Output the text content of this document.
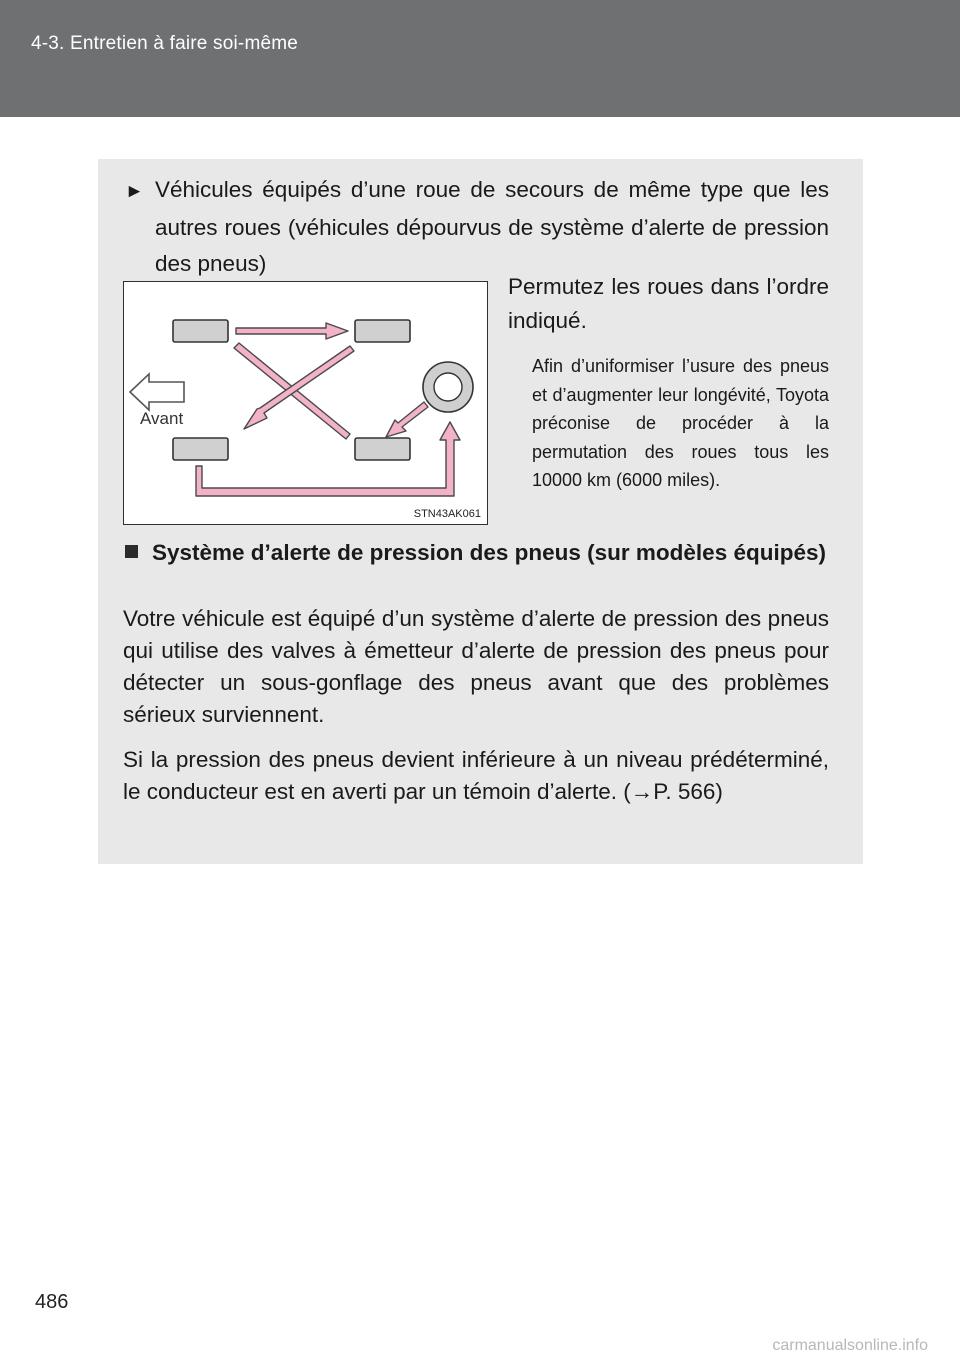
4-3. Entretien à faire soi-même
► Véhicules équipés d’une roue de secours de même type que les autres roues (véhicules dépourvus de système d’alerte de pression des pneus)
Avant
STN43AK061
Permutez les roues dans l’ordre indiqué.
Afin d’uniformiser l’usure des pneus et d’augmenter leur longévité, Toyota préconise de procéder à la permutation des roues tous les 10000 km (6000 miles).
Système d’alerte de pression des pneus (sur modèles équipés)
Votre véhicule est équipé d’un système d’alerte de pression des pneus qui utilise des valves à émetteur d’alerte de pression des pneus pour détecter un sous-gonflage des pneus avant que des problèmes sérieux surviennent.
Si la pression des pneus devient inférieure à un niveau prédéterminé, le conducteur est en averti par un témoin d’alerte. (→P. 566)
486
carmanualsonline.info
